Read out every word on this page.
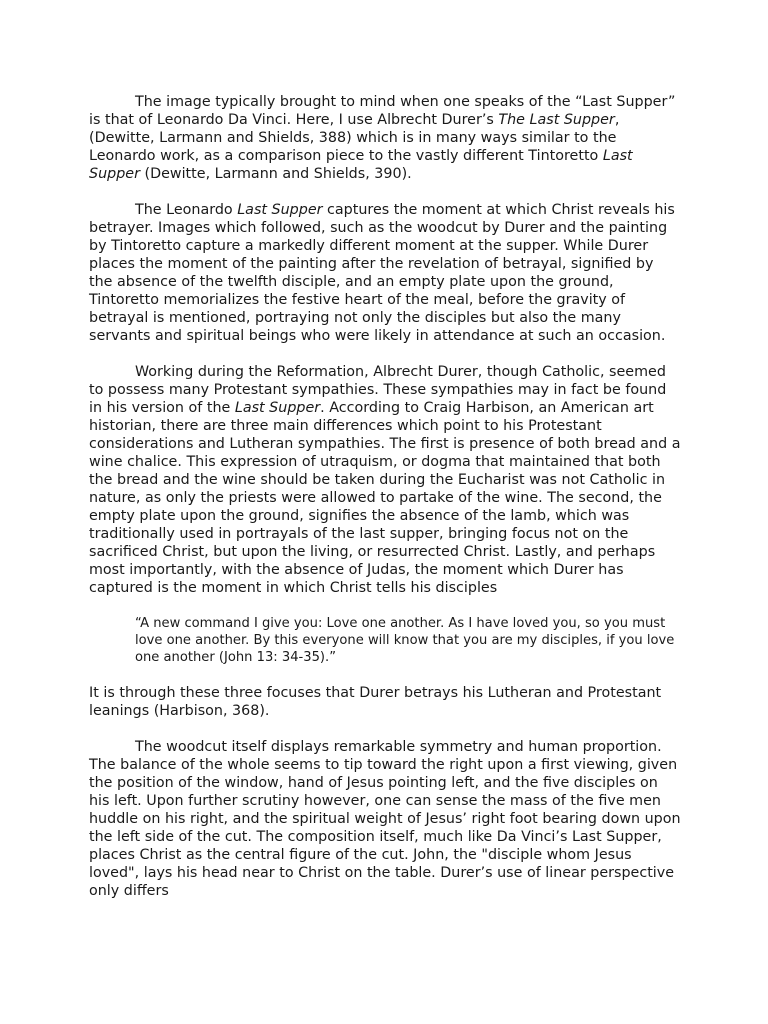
The image typically brought to mind when one speaks of the “Last Supper” is that of Leonardo Da Vinci. Here, I use Albrecht Durer’s The Last Supper, (Dewitte, Larmann and Shields, 388) which is in many ways similar to the Leonardo work, as a comparison piece to the vastly different Tintoretto Last Supper (Dewitte, Larmann and Shields, 390).

The Leonardo Last Supper captures the moment at which Christ reveals his betrayer. Images which followed, such as the woodcut by Durer and the painting by Tintoretto capture a markedly different moment at the supper. While Durer places the moment of the painting after the revelation of betrayal, signified by the absence of the twelfth disciple, and an empty plate upon the ground, Tintoretto memorializes the festive heart of the meal, before the gravity of betrayal is mentioned, portraying not only the disciples but also the many servants and spiritual beings who were likely in attendance at such an occasion.

Working during the Reformation, Albrecht Durer, though Catholic, seemed to possess many Protestant sympathies. These sympathies may in fact be found in his version of the Last Supper. According to Craig Harbison, an American art historian, there are three main differences which point to his Protestant considerations and Lutheran sympathies. The first is presence of both bread and a wine chalice. This expression of utraquism, or dogma that maintained that both the bread and the wine should be taken during the Eucharist was not Catholic in nature, as only the priests were allowed to partake of the wine. The second, the empty plate upon the ground, signifies the absence of the lamb, which was traditionally used in portrayals of the last supper, bringing focus not on the sacrificed Christ, but upon the living, or resurrected Christ. Lastly, and perhaps most importantly, with the absence of Judas, the moment which Durer has captured is the moment in which Christ tells his disciples

“A new command I give you: Love one another. As I have loved you, so you must love one another. By this everyone will know that you are my disciples, if you love one another (John 13: 34-35).”

It is through these three focuses that Durer betrays his Lutheran and Protestant leanings (Harbison, 368).

The woodcut itself displays remarkable symmetry and human proportion. The balance of the whole seems to tip toward the right upon a first viewing, given the position of the window, hand of Jesus pointing left, and the five disciples on his left. Upon further scrutiny however, one can sense the mass of the five men huddle on his right, and the spiritual weight of Jesus’ right foot bearing down upon the left side of the cut. The composition itself, much like Da Vinci’s Last Supper, places Christ as the central figure of the cut. John, the "disciple whom Jesus loved", lays his head near to Christ on the table. Durer’s use of linear perspective only differs
